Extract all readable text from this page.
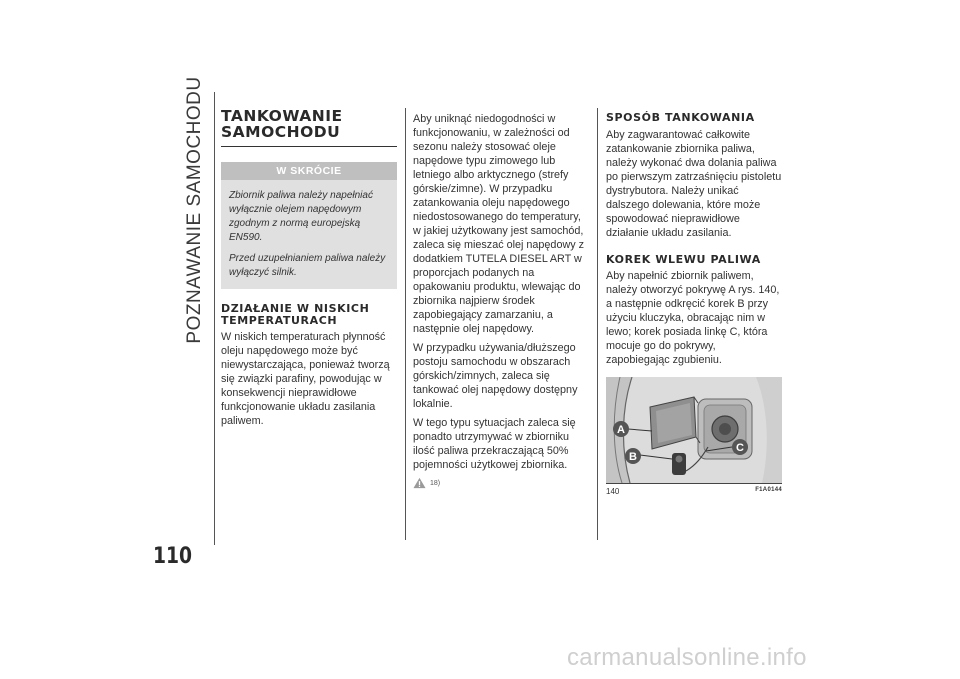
POZNAWANIE SAMOCHODU
110
TANKOWANIE SAMOCHODU
W SKRÓCIE

Zbiornik paliwa należy napełniać wyłącznie olejem napędowym zgodnym z normą europejską EN590.

Przed uzupełnianiem paliwa należy wyłączyć silnik.

DZIAŁANIE W NISKICH TEMPERATURACH

W niskich temperaturach płynność oleju napędowego może być niewystarczająca, ponieważ tworzą się związki parafiny, powodując w konsekwencji nieprawidłowe funkcjonowanie układu zasilania paliwem.

Aby uniknąć niedogodności w funkcjonowaniu, w zależności od sezonu należy stosować oleje napędowe typu zimowego lub letniego albo arktycznego (strefy górskie/zimne). W przypadku zatankowania oleju napędowego niedostosowanego do temperatury, w jakiej użytkowany jest samochód, zaleca się mieszać olej napędowy z dodatkiem TUTELA DIESEL ART w proporcjach podanych na opakowaniu produktu, wlewając do zbiornika najpierw środek zapobiegający zamarzaniu, a następnie olej napędowy.

W przypadku używania/dłuższego postoju samochodu w obszarach górskich/zimnych, zaleca się tankować olej napędowy dostępny lokalnie.

W tego typu sytuacjach zaleca się ponadto utrzymywać w zbiorniku ilość paliwa przekraczającą 50% pojemności użytkowej zbiornika.

18)
SPOSÓB TANKOWANIA

Aby zagwarantować całkowite zatankowanie zbiornika paliwa, należy wykonać dwa dolania paliwa po pierwszym zatrzaśnięciu pistoletu dystrybutora. Należy unikać dalszego dolewania, które może spowodować nieprawidłowe działanie układu zasilania.

KOREK WLEWU PALIWA

Aby napełnić zbiornik paliwem, należy otworzyć pokrywę A rys. 140, a następnie odkręcić korek B przy użyciu kluczyka, obracając nim w lewo; korek posiada linkę C, która mocuje go do pokrywy, zapobiegając zgubieniu.

A
B
C
140	F1A0144
carmanualsonline.info
